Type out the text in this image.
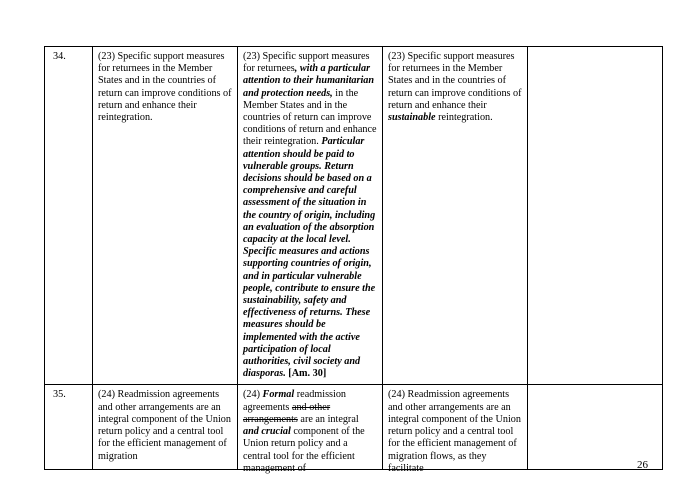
34.	(23) Specific support measures for returnees in the Member States and in the countries of return can improve conditions of return and enhance their reintegration.	(23) Specific support measures for returnees, with a particular attention to their humanitarian and protection needs, in the Member States and in the countries of return can improve conditions of return and enhance their reintegration. Particular attention should be paid to vulnerable groups. Return decisions should be based on a comprehensive and careful assessment of the situation in the country of origin, including an evaluation of the absorption capacity at the local level. Specific measures and actions supporting countries of origin, and in particular vulnerable people, contribute to ensure the sustainability, safety and effectiveness of returns. These measures should be implemented with the active participation of local authorities, civil society and diasporas. [Am. 30]	(23) Specific support measures for returnees in the Member States and in the countries of return can improve conditions of return and enhance their sustainable reintegration.	
35.	(24) Readmission agreements and other arrangements are an integral component of the Union return policy and a central tool for the efficient management of migration	(24) Formal readmission agreements and other arrangements are an integral and crucial component of the Union return policy and a central tool for the efficient management of	(24) Readmission agreements and other arrangements are an integral component of the Union return policy and a central tool for the efficient management of migration flows, as they facilitate	
		26
